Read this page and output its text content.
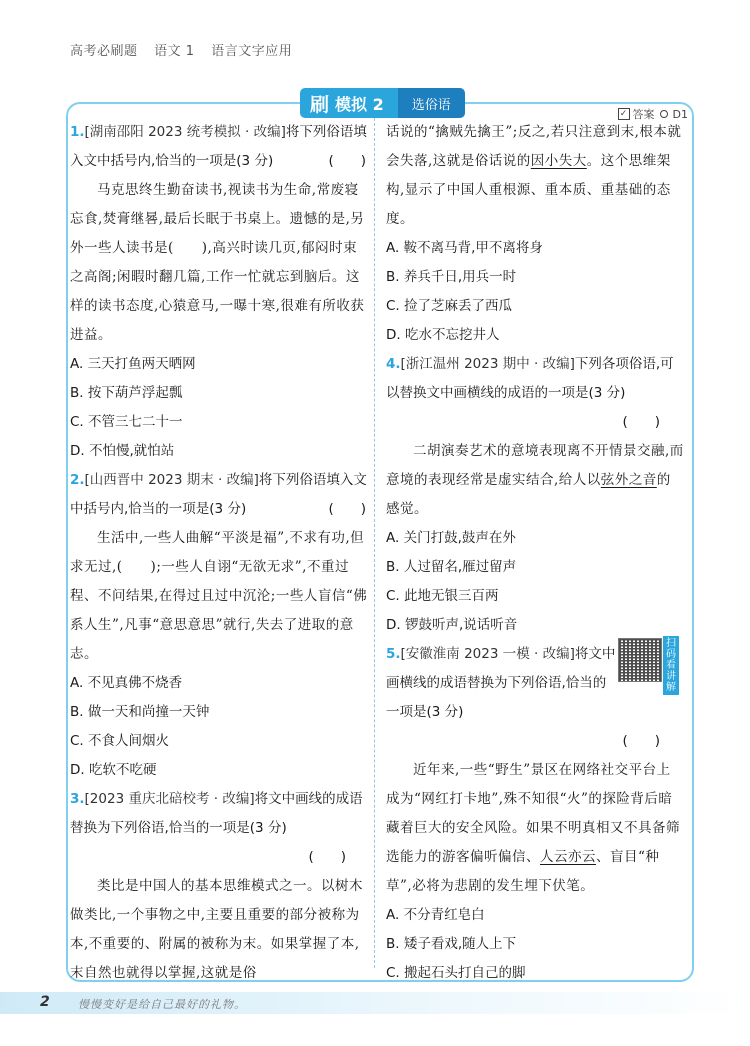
高考必刷题 语文 1 语言文字应用
刷 模拟 2	选俗语
✓ 答案 D1

1.[湖南邵阳 2023 统考模拟 · 改编]将下列俗语填入文中括号内,恰当的一项是(3 分)	(　　)

马克思终生勤奋读书,视读书为生命,常废寝忘食,焚膏继晷,最后长眠于书桌上。遗憾的是,另外一些人读书是(　　),高兴时读几页,郁闷时束之高阁;闲暇时翻几篇,工作一忙就忘到脑后。这样的读书态度,心猿意马,一曝十寒,很难有所收获进益。

A. 三天打鱼两天晒网

B. 按下葫芦浮起瓢

C. 不管三七二十一

D. 不怕慢,就怕站

2.[山西晋中 2023 期末 · 改编]将下列俗语填入文中括号内,恰当的一项是(3 分)	(　　)

生活中,一些人曲解“平淡是福”,不求有功,但求无过,(　　);一些人自诩“无欲无求”,不重过程、不问结果,在得过且过中沉沦;一些人盲信“佛系人生”,凡事“意思意思”就行,失去了进取的意志。

A. 不见真佛不烧香

B. 做一天和尚撞一天钟

C. 不食人间烟火

D. 吃软不吃硬

3.[2023 重庆北碚校考 · 改编]将文中画线的成语替换为下列俗语,恰当的一项是(3 分)

(　　)

类比是中国人的基本思维模式之一。以树木做类比,一个事物之中,主要且重要的部分被称为本,不重要的、附属的被称为末。如果掌握了本,末自然也就得以掌握,这就是俗

话说的“擒贼先擒王”;反之,若只注意到末,根本就会失落,这就是俗话说的因小失大。这个思维架构,显示了中国人重根源、重本质、重基础的态度。

A. 鞍不离马背,甲不离将身

B. 养兵千日,用兵一时

C. 捡了芝麻丢了西瓜

D. 吃水不忘挖井人

4.[浙江温州 2023 期中 · 改编]下列各项俗语,可以替换文中画横线的成语的一项是(3 分)

(　　)

二胡演奏艺术的意境表现离不开情景交融,而意境的表现经常是虚实结合,给人以弦外之音的感觉。

A. 关门打鼓,鼓声在外

B. 人过留名,雁过留声

C. 此地无银三百两

D. 锣鼓听声,说话听音

5.[安徽淮南 2023 一模 · 改编]将文中画横线的成语替换为下列俗语,恰当的一项是(3 分)

(　　)

近年来,一些“野生”景区在网络社交平台上成为“网红打卡地”,殊不知很“火”的探险背后暗藏着巨大的安全风险。如果不明真相又不具备筛选能力的游客偏听偏信、人云亦云、盲目“种草”,必将为悲剧的发生埋下伏笔。

A. 不分青红皂白

B. 矮子看戏,随人上下

C. 搬起石头打自己的脚

扫码看讲解
2	慢慢变好是给自己最好的礼物。
